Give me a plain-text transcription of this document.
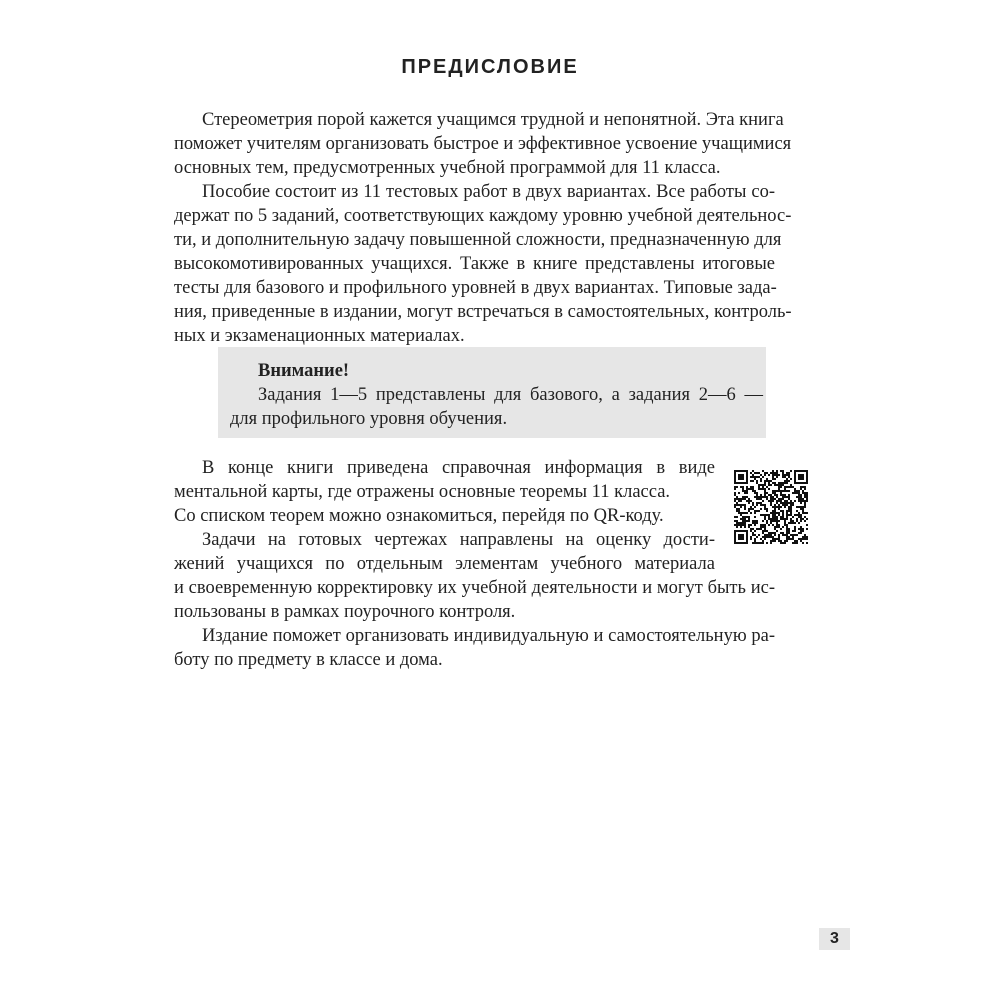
ПРЕДИСЛОВИЕ
Стереометрия порой кажется учащимся трудной и непонятной. Эта книга
поможет учителям организовать быстрое и эффективное усвоение учащимися
основных тем, предусмотренных учебной программой для 11 класса.
Пособие состоит из 11 тестовых работ в двух вариантах. Все работы со-
держат по 5 заданий, соответствующих каждому уровню учебной деятельнос-
ти, и дополнительную задачу повышенной сложности, предназначенную для
высокомотивированных учащихся. Также в книге представлены итоговые
тесты для базового и профильного уровней в двух вариантах. Типовые зада-
ния, приведенные в издании, могут встречаться в самостоятельных, контроль-
ных и экзаменационных материалах.
Внимание!
Задания 1—5 представлены для базового, а задания 2—6 —
для профильного уровня обучения.
В конце книги приведена справочная информация в виде
ментальной карты, где отражены основные теоремы 11 класса.
Со списком теорем можно ознакомиться, перейдя по QR-коду.
Задачи на готовых чертежах направлены на оценку дости-
жений учащихся по отдельным элементам учебного материала
и своевременную корректировку их учебной деятельности и могут быть ис-
пользованы в рамках поурочного контроля.
Издание поможет организовать индивидуальную и самостоятельную ра-
боту по предмету в классе и дома.
3
